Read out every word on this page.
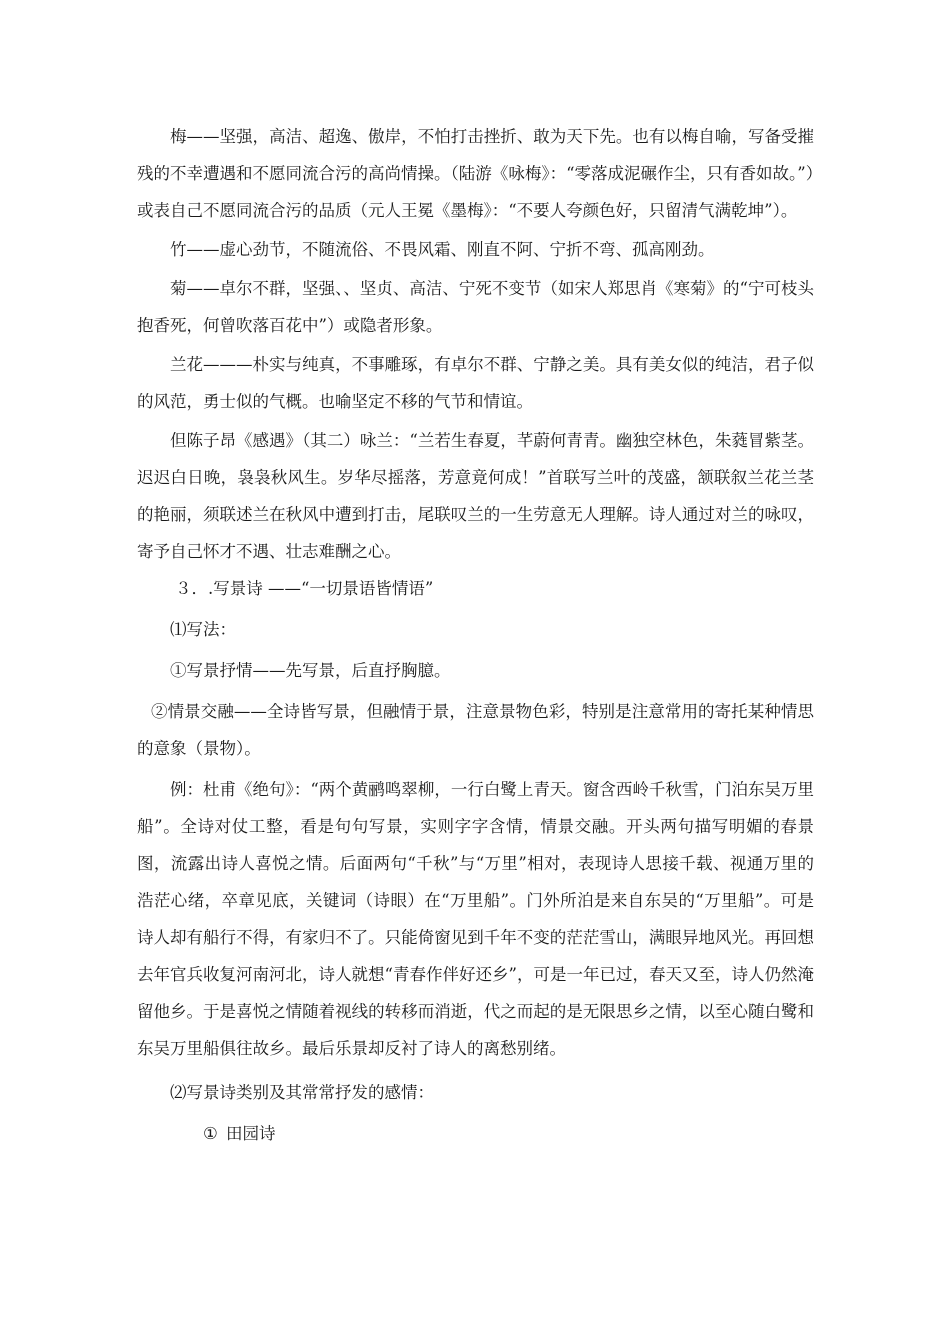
梅——坚强，高洁、超逸、傲岸，不怕打击挫折、敢为天下先。也有以梅自喻，写备受摧残的不幸遭遇和不愿同流合污的高尚情操。（陆游《咏梅》：“零落成泥碾作尘，只有香如故。”）或表自己不愿同流合污的品质（元人王冕《墨梅》：“不要人夸颜色好，只留清气满乾坤”）。

竹——虚心劲节，不随流俗、不畏风霜、刚直不阿、宁折不弯、孤高刚劲。

菊——卓尔不群，坚强、、坚贞、高洁、宁死不变节（如宋人郑思肖《寒菊》的“宁可枝头抱香死，何曾吹落百花中”）或隐者形象。

兰花———朴实与纯真，不事雕琢，有卓尔不群、宁静之美。具有美女似的纯洁，君子似的风范，勇士似的气概。也喻坚定不移的气节和情谊。

但陈子昂《感遇》（其二）咏兰：“兰若生春夏，芊蔚何青青。幽独空林色，朱蕤冒紫茎。迟迟白日晚，袅袅秋风生。岁华尽摇落，芳意竟何成！”首联写兰叶的茂盛，颔联叙兰花兰茎的艳丽，须联述兰在秋风中遭到打击，尾联叹兰的一生劳意无人理解。诗人通过对兰的咏叹，寄予自己怀才不遇、壮志难酬之心。

３．.写景诗 ——“一切景语皆情语”

⑴写法：

①写景抒情——先写景，后直抒胸臆。

②情景交融——全诗皆写景，但融情于景，注意景物色彩，特别是注意常用的寄托某种情思的意象（景物）。

例：杜甫《绝句》：“两个黄鹂鸣翠柳，一行白鹭上青天。窗含西岭千秋雪，门泊东吴万里船”。全诗对仗工整，看是句句写景，实则字字含情，情景交融。开头两句描写明媚的春景图，流露出诗人喜悦之情。后面两句“千秋”与“万里”相对，表现诗人思接千载、视通万里的浩茫心绪，卒章见底，关键词（诗眼）在“万里船”。门外所泊是来自东吴的“万里船”。可是诗人却有船行不得，有家归不了。只能倚窗见到千年不变的茫茫雪山，满眼异地风光。再回想去年官兵收复河南河北，诗人就想“青春作伴好还乡”，可是一年已过，春天又至，诗人仍然淹留他乡。于是喜悦之情随着视线的转移而消逝，代之而起的是无限思乡之情，以至心随白鹭和东吴万里船俱往故乡。最后乐景却反衬了诗人的离愁别绪。

⑵写景诗类别及其常常抒发的感情：

① 田园诗
